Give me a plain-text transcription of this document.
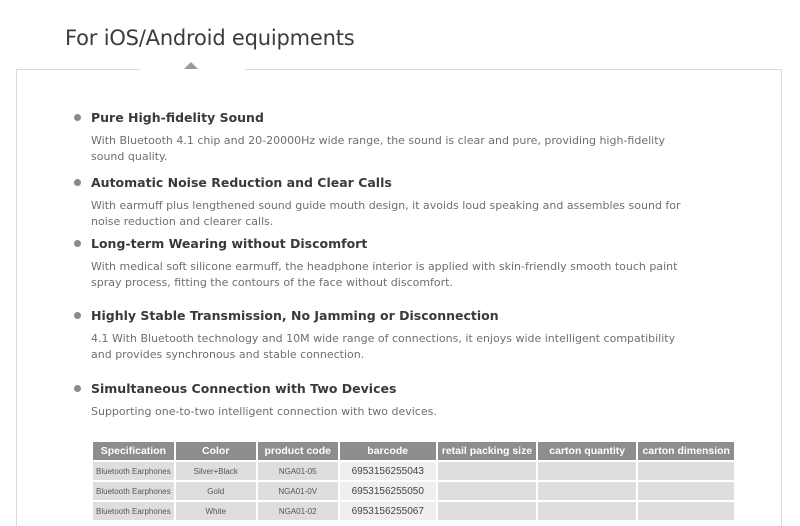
For iOS/Android equipments
Pure High-fidelity Sound
With Bluetooth 4.1 chip and 20-20000Hz wide range, the sound is clear and pure, providing high-fidelity sound quality.
Automatic Noise Reduction and Clear Calls
With earmuff plus lengthened sound guide mouth design, it avoids loud speaking and assembles sound for noise reduction and clearer calls.
Long-term Wearing without Discomfort
With medical soft silicone earmuff, the headphone interior is applied with skin-friendly smooth touch paint spray process, fitting the contours of the face without discomfort.
Highly Stable Transmission, No Jamming or Disconnection
4.1 With Bluetooth technology and 10M wide range of connections, it enjoys wide intelligent compatibility and provides synchronous and stable connection.
Simultaneous Connection with Two Devices
Supporting one-to-two intelligent connection with two devices.
Specification	Color	product code	barcode	retail packing size	carton quantity	carton dimension
Bluetooth Earphones	Silver+Black	NGA01-05	6953156255043			
Bluetooth Earphones	Gold	NGA01-0V	6953156255050			
Bluetooth Earphones	White	NGA01-02	6953156255067			
